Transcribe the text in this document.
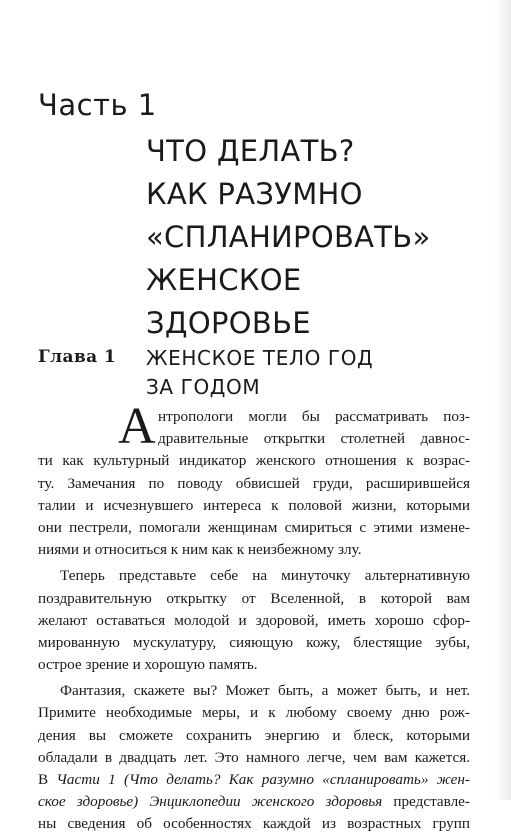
Часть 1
ЧТО ДЕЛАТЬ?
КАК РАЗУМНО
«СПЛАНИРОВАТЬ»
ЖЕНСКОЕ
ЗДОРОВЬЕ
Глава 1 ЖЕНСКОЕ ТЕЛО ГОД
ЗА ГОДОМ
А нтропологи могли бы рассматривать поз-
дравительные открытки столетней давнос-
ти как культурный индикатор женского отношения к возрас-
ту. Замечания по поводу обвисшей груди, расширившейся
талии и исчезнувшего интереса к половой жизни, которыми
они пестрели, помогали женщинам смириться с этими измене-
ниями и относиться к ним как к неизбежному злу.
Теперь представьте себе на минуточку альтернативную
поздравительную открытку от Вселенной, в которой вам
желают оставаться молодой и здоровой, иметь хорошо сфор-
мированную мускулатуру, сияющую кожу, блестящие зубы,
острое зрение и хорошую память.
Фантазия, скажете вы? Может быть, а может быть, и нет.
Примите необходимые меры, и к любому своему дню рож-
дения вы сможете сохранить энергию и блеск, которыми
обладали в двадцать лет. Это намного легче, чем вам кажется.
В Части 1 (Что делать? Как разумно «спланировать» жен-
ское здоровье) Энциклопедии женского здоровья представле-
ны сведения об особенностях каждой из возрастных групп
